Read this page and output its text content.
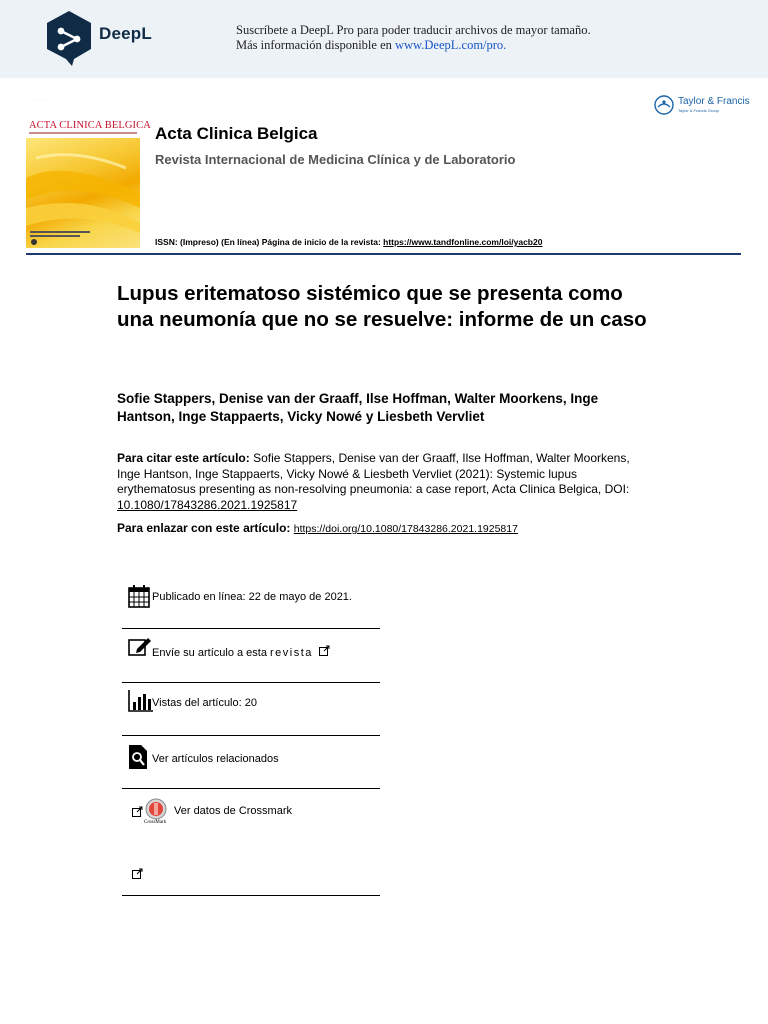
DeepL	Suscríbete a DeepL Pro para poder traducir archivos de mayor tamaño.
Más información disponible en www.DeepL.com/pro.
· · · · · · · · · · ·
ACTA CLINICA BELGICA
Taylor & Francis
Taylor & Francis Group
Acta Clinica Belgica
Revista Internacional de Medicina Clínica y de Laboratorio
ISSN: (Impreso) (En línea) Página de inicio de la revista: https://www.tandfonline.com/loi/yacb20
Lupus eritematoso sistémico que se presenta como una neumonía que no se resuelve: informe de un caso
Sofie Stappers, Denise van der Graaff, Ilse Hoffman, Walter Moorkens, Inge Hantson, Inge Stappaerts, Vicky Nowé y Liesbeth Vervliet
Para citar este artículo: Sofie Stappers, Denise van der Graaff, Ilse Hoffman, Walter Moorkens, Inge Hantson, Inge Stappaerts, Vicky Nowé & Liesbeth Vervliet (2021): Systemic lupus erythematosus presenting as non-resolving pneumonia: a case report, Acta Clinica Belgica, DOI: 10.1080/17843286.2021.1925817
Para enlazar con este artículo: https://doi.org/10.1080/17843286.2021.1925817
Publicado en línea: 22 de mayo de 2021.
Envíe su artículo a esta revista
Vistas del artículo: 20
Ver artículos relacionados
CrossMark
Ver datos de Crossmark
